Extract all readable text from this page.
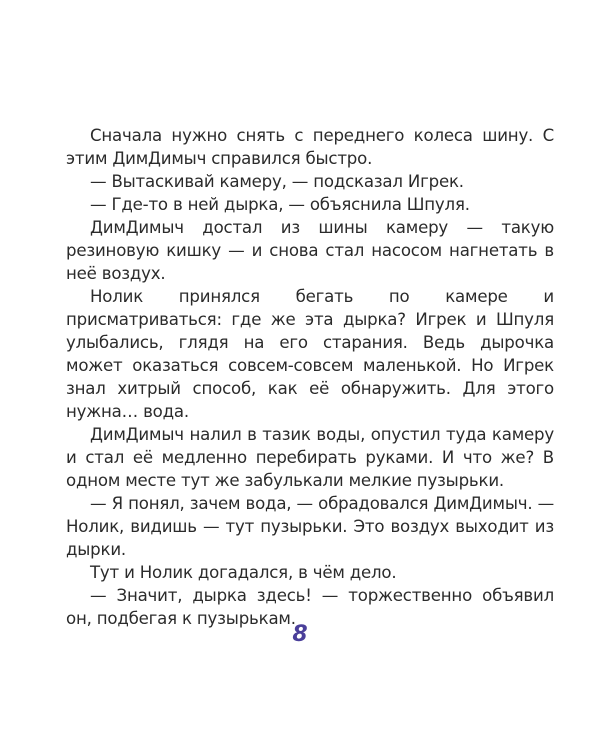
Сначала нужно снять с переднего колеса шину. С этим ДимДимыч справился быстро.

— Вытаскивай камеру, — подсказал Игрек.

— Где-то в ней дырка, — объяснила Шпуля.

ДимДимыч достал из шины камеру — такую резиновую кишку — и снова стал насосом нагнетать в неё воздух.

Нолик принялся бегать по камере и присматриваться: где же эта дырка? Игрек и Шпуля улыбались, глядя на его старания. Ведь дырочка может оказаться совсем-совсем маленькой. Но Игрек знал хитрый способ, как её обнаружить. Для этого нужна… вода.

ДимДимыч налил в тазик воды, опустил туда камеру и стал её медленно перебирать руками. И что же? В одном месте тут же забулькали мелкие пузырьки.

— Я понял, зачем вода, — обрадовался ДимДимыч. — Нолик, видишь — тут пузырьки. Это воздух выходит из дырки.

Тут и Нолик догадался, в чём дело.

— Значит, дырка здесь! — торжественно объявил он, подбегая к пузырькам.

8
